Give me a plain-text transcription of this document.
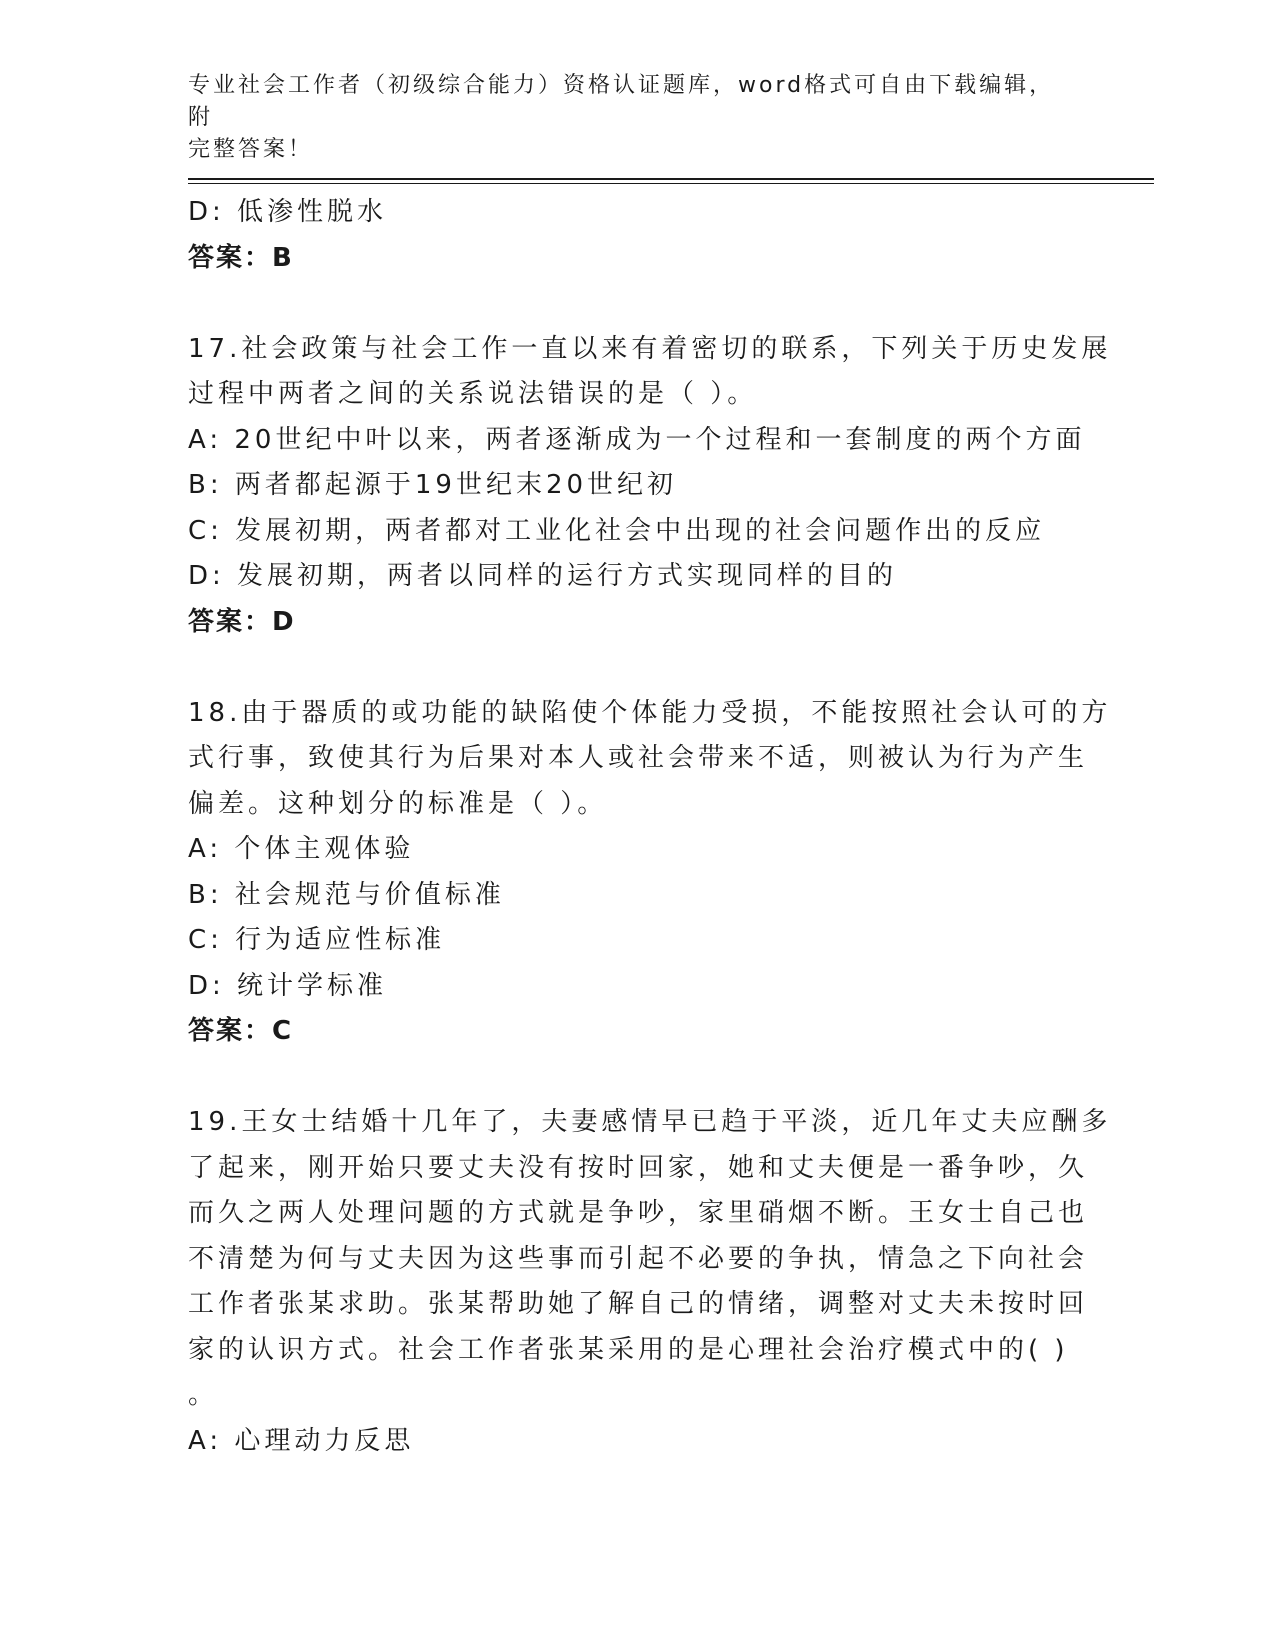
专业社会工作者（初级综合能力）资格认证题库，word格式可自由下载编辑，附
完整答案！
D: 低渗性脱水
答案：B
17.社会政策与社会工作一直以来有着密切的联系，下列关于历史发展
过程中两者之间的关系说法错误的是（ ）。
A: 20世纪中叶以来，两者逐渐成为一个过程和一套制度的两个方面
B: 两者都起源于19世纪末20世纪初
C: 发展初期，两者都对工业化社会中出现的社会问题作出的反应
D: 发展初期，两者以同样的运行方式实现同样的目的
答案：D
18.由于器质的或功能的缺陷使个体能力受损，不能按照社会认可的方
式行事，致使其行为后果对本人或社会带来不适，则被认为行为产生
偏差。这种划分的标准是（ ）。
A: 个体主观体验
B: 社会规范与价值标准
C: 行为适应性标准
D: 统计学标准
答案：C
19.王女士结婚十几年了，夫妻感情早已趋于平淡，近几年丈夫应酬多
了起来，刚开始只要丈夫没有按时回家，她和丈夫便是一番争吵，久
而久之两人处理问题的方式就是争吵，家里硝烟不断。王女士自己也
不清楚为何与丈夫因为这些事而引起不必要的争执，情急之下向社会
工作者张某求助。张某帮助她了解自己的情绪，调整对丈夫未按时回
家的认识方式。社会工作者张某采用的是心理社会治疗模式中的( )
。
A: 心理动力反思
